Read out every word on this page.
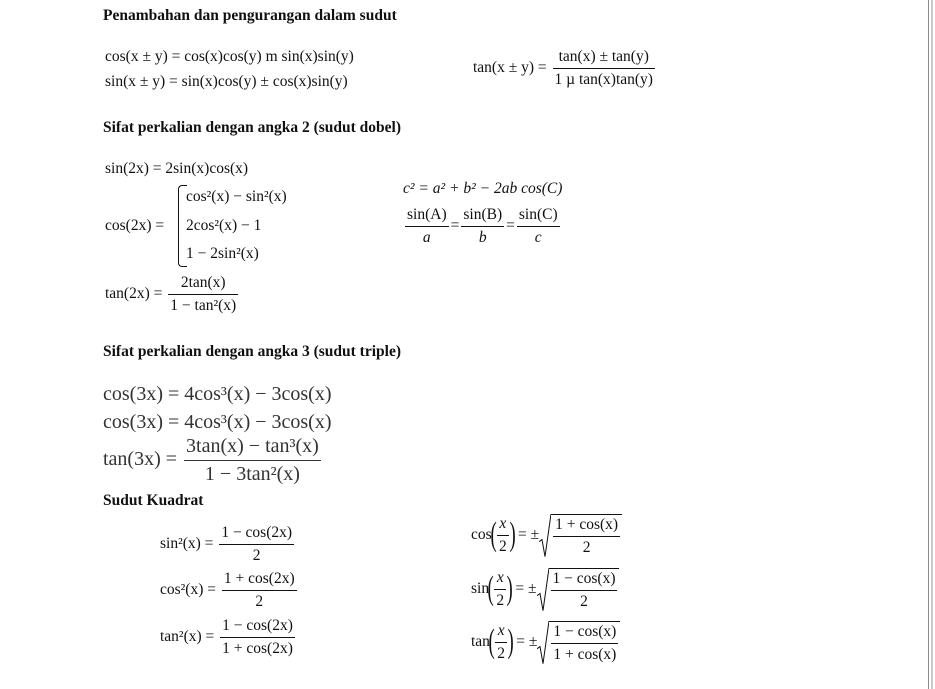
Penambahan dan pengurangan dalam sudut
Sifat perkalian dengan angka 2 (sudut dobel)
Sifat perkalian dengan angka 3 (sudut triple)
Sudut Kuadrat
cos(x ± y) = cos(x)cos(y) m sin(x)sin(y)
sin(x ± y) = sin(x)cos(y) ± cos(x)sin(y)
$\tan(x \pm y) = \frac{\tan(x) \pm \tan(y)}{\text{1 µ tan(x)tan(y)}}$
sin(2x) = 2sin(x)cos(x)
cos(2x) =
cos²(x) − sin²(x)
2cos²(x) − 1
1 − 2sin²(x)
$\tan(2x) = \frac{2\tan(x)}{\text{1 − tan²(x)}}$
c² = a² + b² − 2ab cos(C)
$\frac{\sin(A)}{a} = \frac{\sin(B)}{b} = \frac{\sin(C)}{c}$
cos(3x) = 4cos³(x) − 3cos(x)
cos(3x) = 4cos³(x) − 3cos(x)
$\tan(3x) = \frac{\text{3tan(x) − tan³(x)}}{\text{1 − 3tan²(x)}}$
$\sin^2(x) = \frac{1 - \cos(2x)}{2}$
$\cos^2(x) = \frac{1 + \cos(2x)}{2}$
$\tan^2(x) = \frac{1 - \cos(2x)}{1 + \cos(2x)}$
$\cos( \frac{x}{2}$ ) = ± $\frac{1 + \cos(x)}{2}$
$\sin( \frac{x}{2}$ ) = ± $\frac{1 - \cos(x)}{2}$
$\tan( \frac{x}{2}$ ) = ± $\frac{1 - \cos(x)}{1 + \cos(x)}$
